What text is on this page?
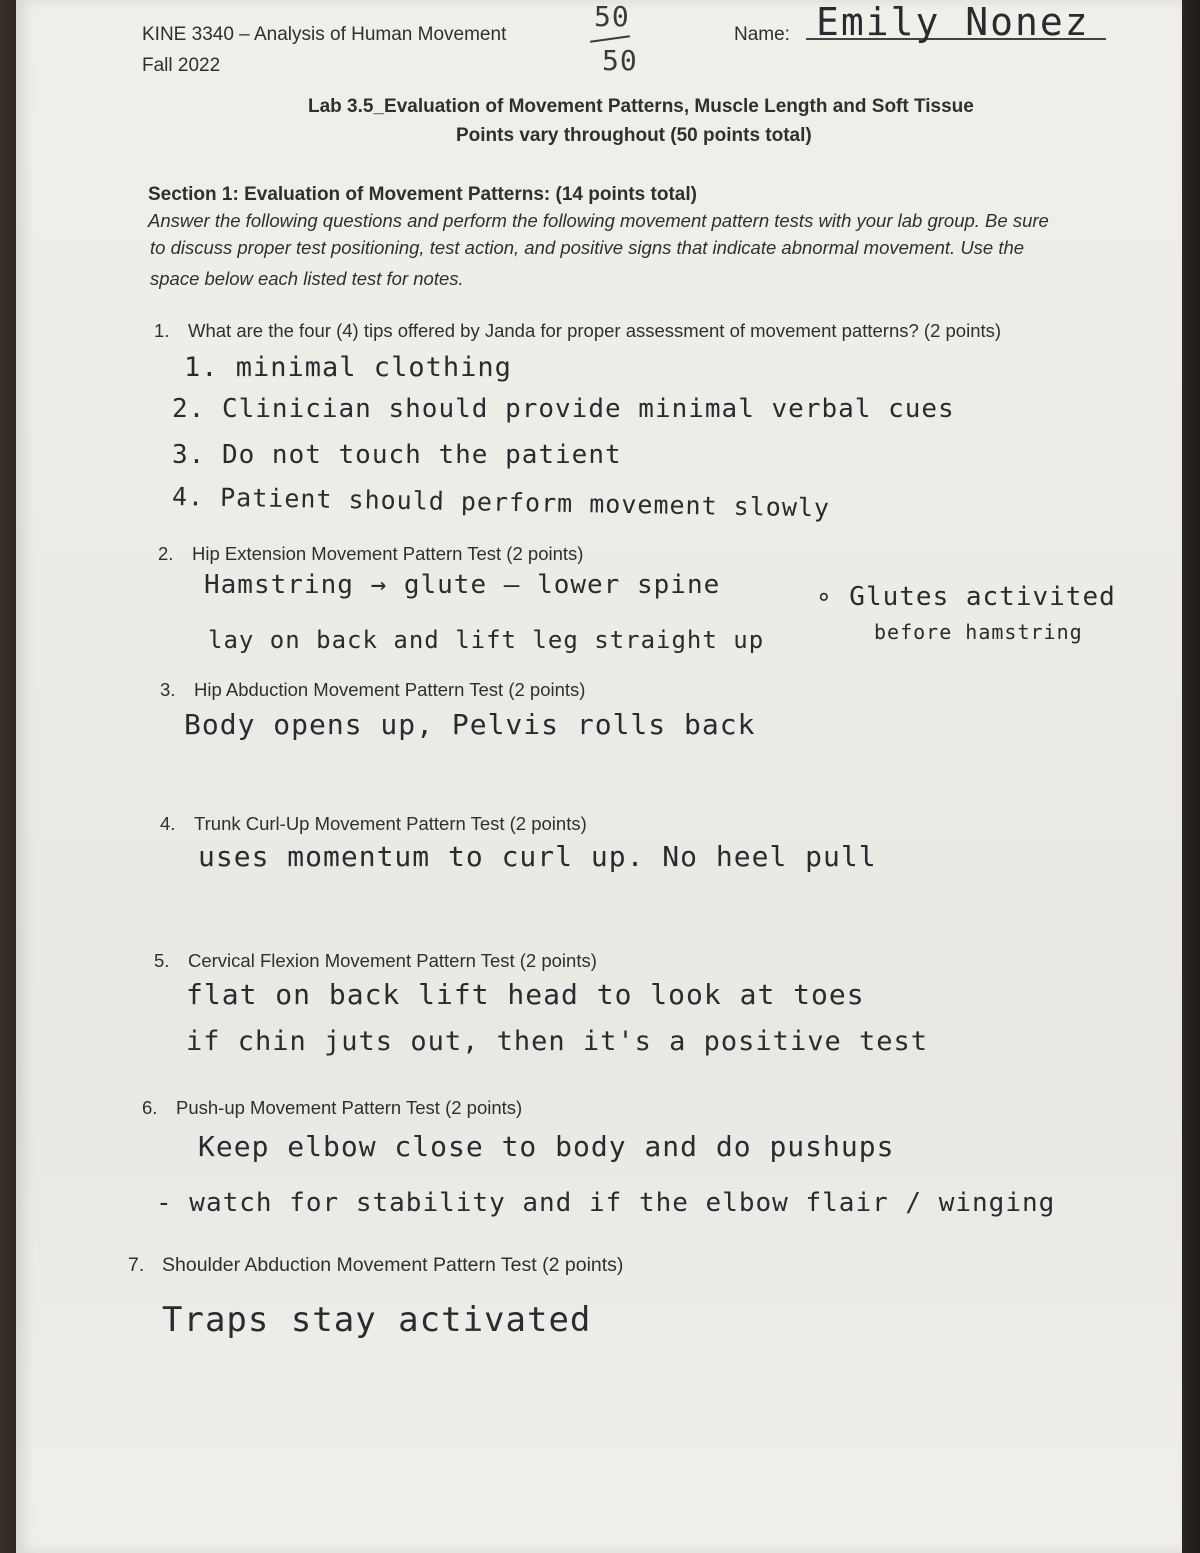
KINE 3340 – Analysis of Human Movement
Fall 2022
50
50
Name: Emily Nonez
Lab 3.5_Evaluation of Movement Patterns, Muscle Length and Soft Tissue
Points vary throughout (50 points total)
Section 1: Evaluation of Movement Patterns: (14 points total)
Answer the following questions and perform the following movement pattern tests with your lab group. Be sure
to discuss proper test positioning, test action, and positive signs that indicate abnormal movement. Use the
space below each listed test for notes.
1. What are the four (4) tips offered by Janda for proper assessment of movement patterns? (2 points)
1. minimal clothing
2. Clinician should provide minimal verbal cues
3. Do not touch the patient
4. Patient should perform movement slowly
2. Hip Extension Movement Pattern Test (2 points)
Hamstring → glute – lower spine
lay on back and lift leg straight up
∘ Glutes activited
before hamstring
3. Hip Abduction Movement Pattern Test (2 points)
Body opens up, Pelvis rolls back
4. Trunk Curl-Up Movement Pattern Test (2 points)
uses momentum to curl up. No heel pull
5. Cervical Flexion Movement Pattern Test (2 points)
flat on back lift head to look at toes
if chin juts out, then it's a positive test
6. Push-up Movement Pattern Test (2 points)
Keep elbow close to body and do pushups
- watch for stability and if the elbow flair / winging
7. Shoulder Abduction Movement Pattern Test (2 points)
Traps stay activated
